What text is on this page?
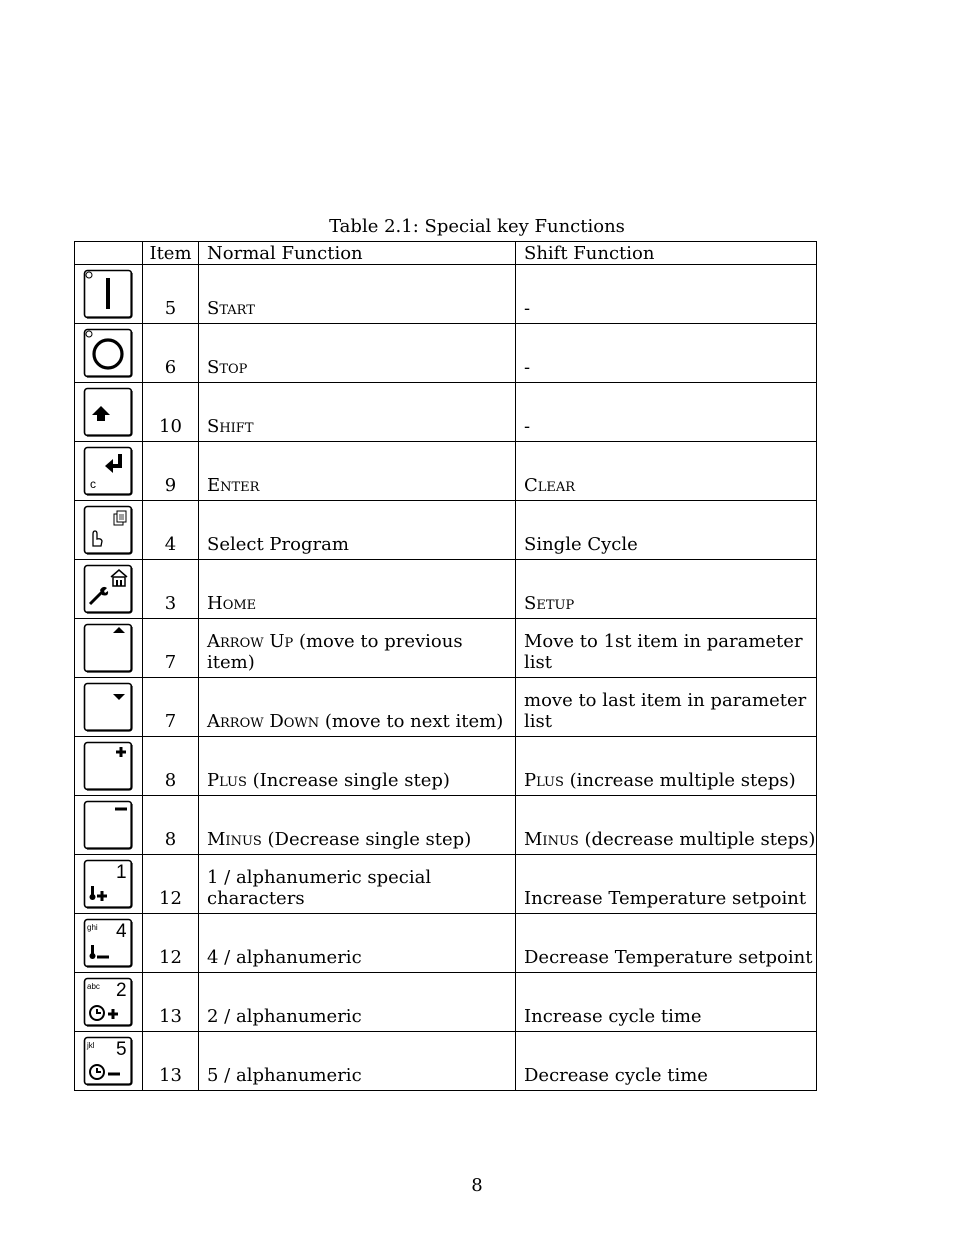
Table 2.1: Special key Functions
	Item	Normal Function	Shift Function

	5	Start	-

	6	Stop	-

	10	Shift	-

c	9	Enter	Clear

	4	Select Program	Single Cycle

	3	Home	Setup

	7	Arrow Up (move to previous item)	Move to 1st item in parameter list

	7	Arrow Down (move to next item)	move to last item in parameter list

	8	Plus (Increase single step)	Plus (increase multiple steps)

	8	Minus (Decrease single step)	Minus (decrease multiple steps)

1	12	1 / alphanumeric special characters	Increase Temperature setpoint

ghi 4	12	4 / alphanumeric	Decrease Temperature setpoint

abc 2	13	2 / alphanumeric	Increase cycle time

jkl 5	13	5 / alphanumeric	Decrease cycle time
8
